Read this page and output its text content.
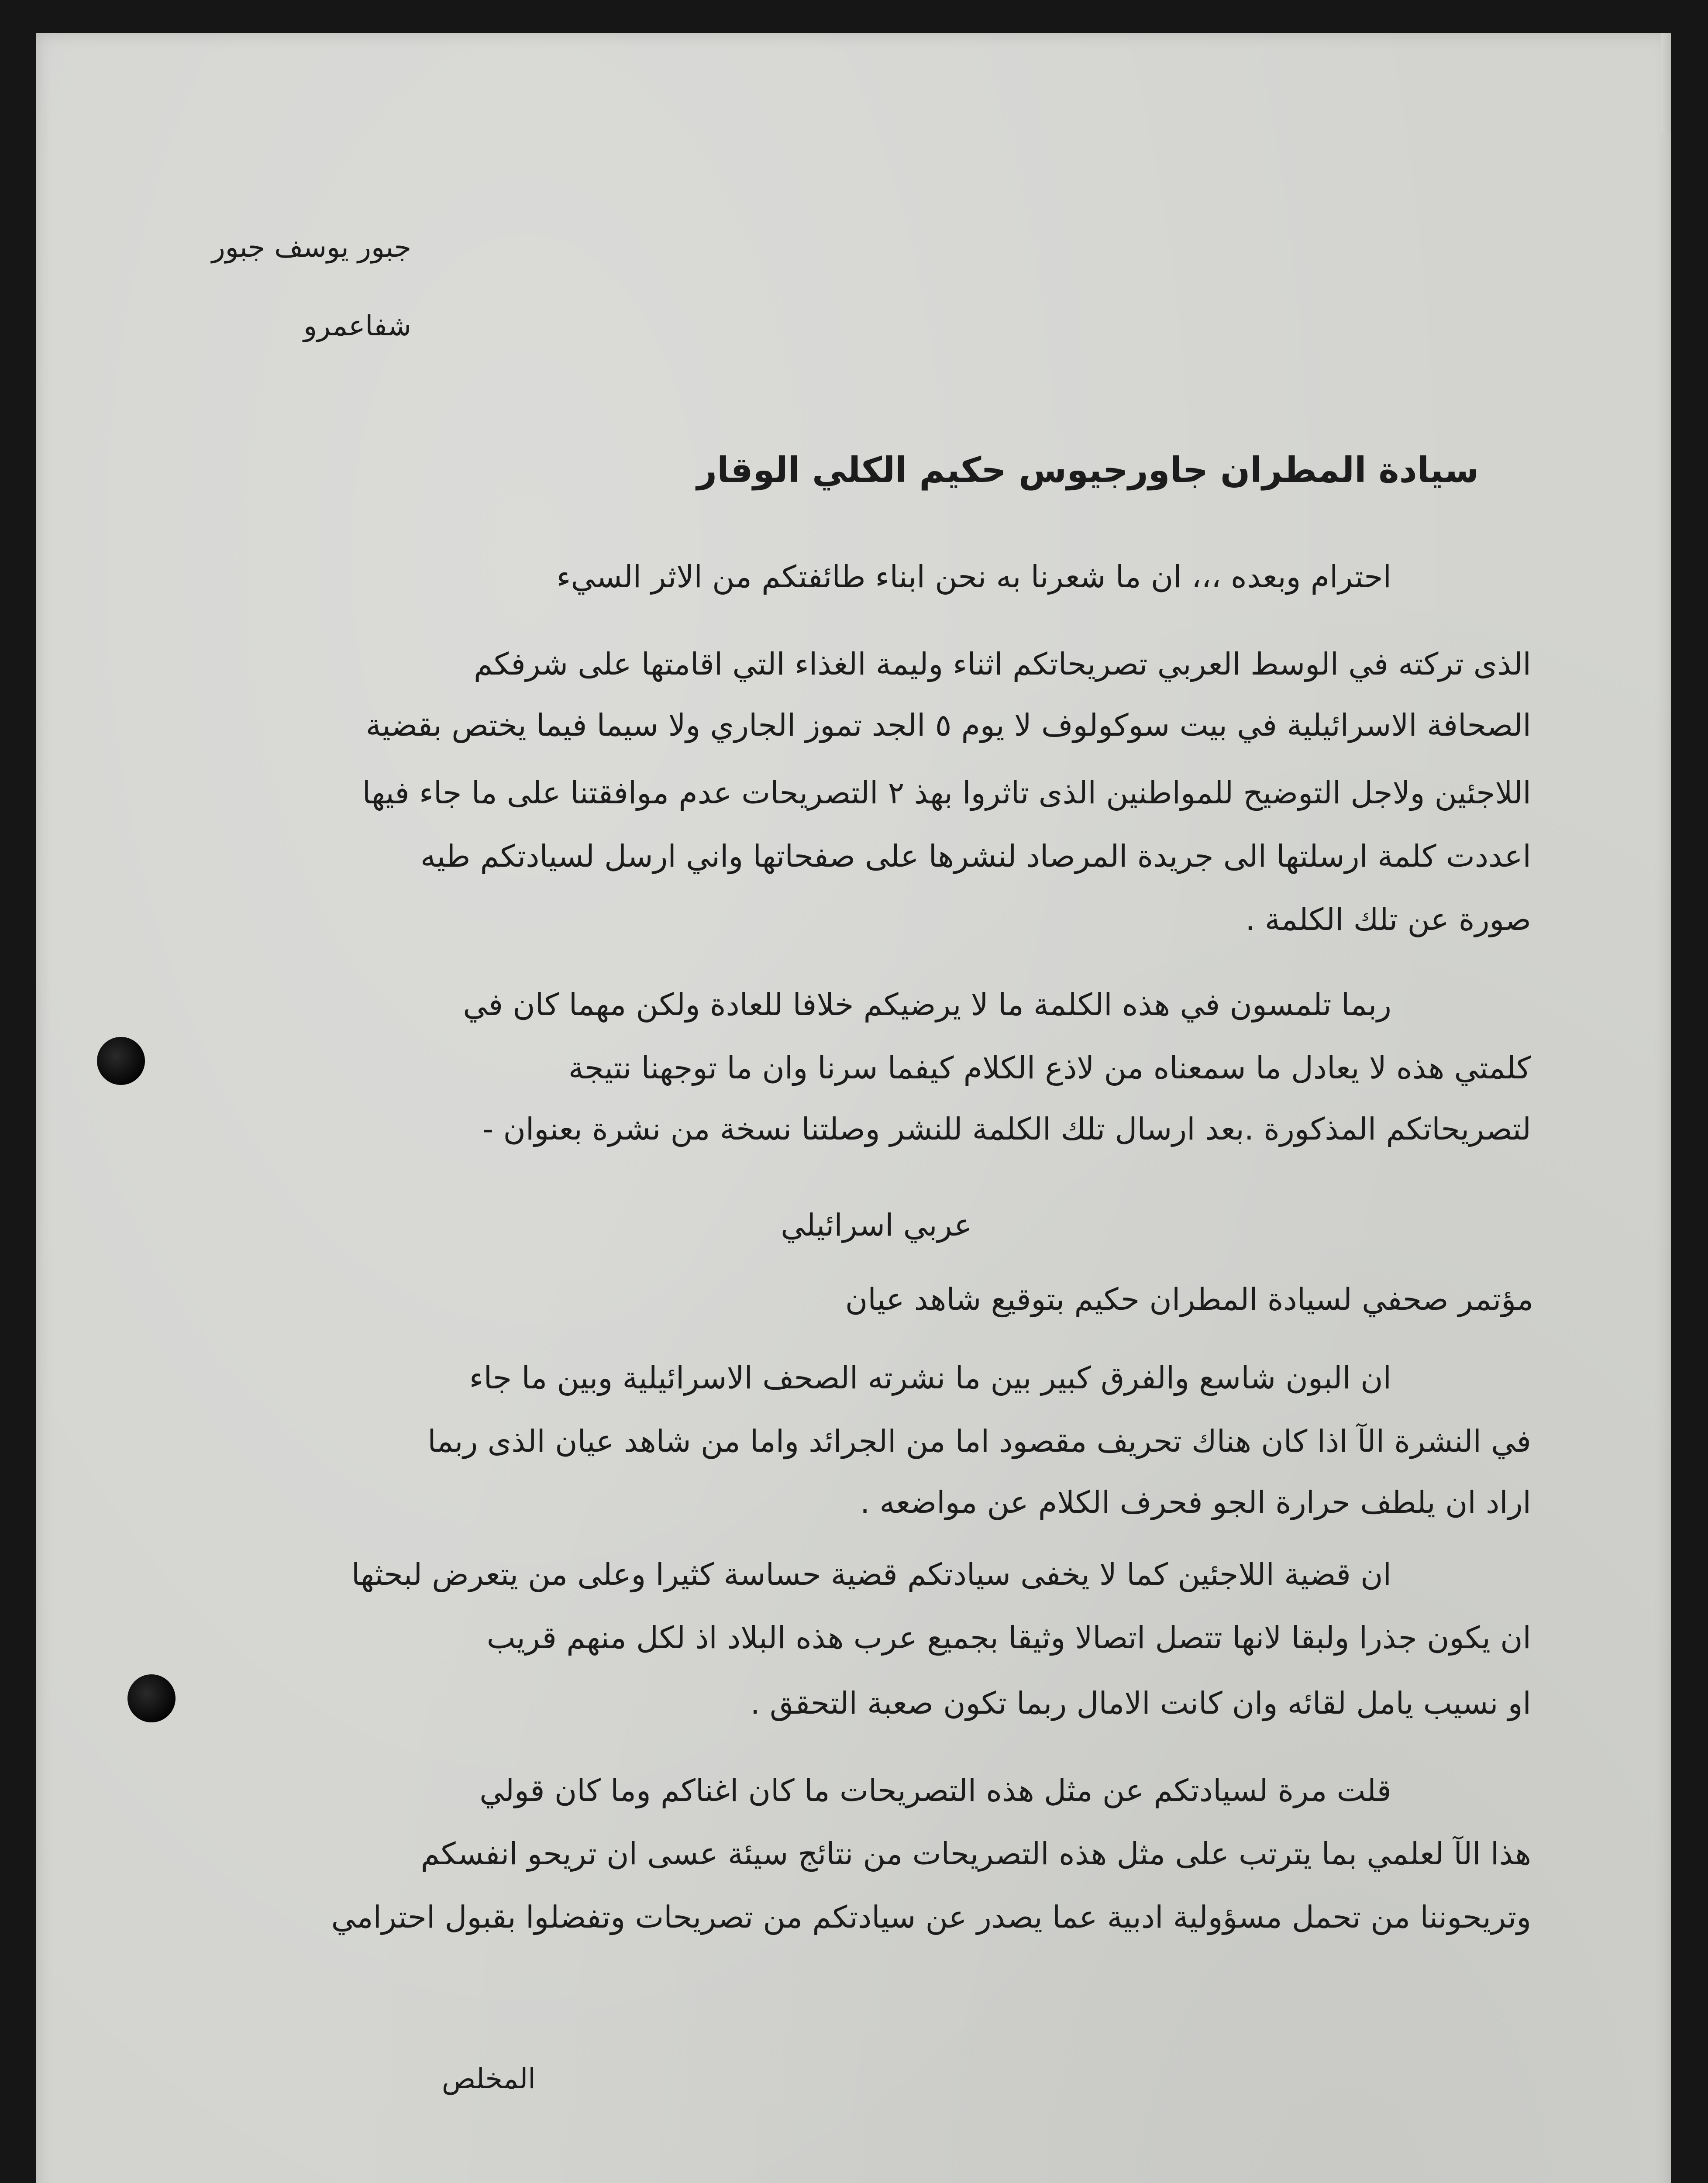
جبور يوسف جبور
شفاعمرو
سيادة المطران جاورجيوس حكيم الكلي الوقار
احترام وبعده ،،، ان ما شعرنا به نحن ابناء طائفتكم من الاثر السيء
الذى تركته في الوسط العربي تصريحاتكم اثناء وليمة الغذاء التي اقامتها على شرفكم
الصحافة الاسرائيلية في بيت سوكولوف لا يوم ٥ الجد تموز الجاري ولا سيما فيما يختص بقضية
اللاجئين ولاجل التوضيح للمواطنين الذى تاثروا بهذ ٢ التصريحات عدم موافقتنا على ما جاء فيها
اعددت كلمة ارسلتها الى جريدة المرصاد لنشرها على صفحاتها واني ارسل لسيادتكم طيه
صورة عن تلك الكلمة .
ربما تلمسون في هذه الكلمة ما لا يرضيكم خلافا للعادة ولكن مهما كان في
كلمتي هذه لا يعادل ما سمعناه من لاذع الكلام كيفما سرنا وان ما توجهنا نتيجة
لتصريحاتكم المذكورة .بعد ارسال تلك الكلمة للنشر وصلتنا نسخة من نشرة بعنوان -
عربي اسرائيلي
مؤتمر صحفي لسيادة المطران حكيم بتوقيع شاهد عيان
ان البون شاسع والفرق كبير بين ما نشرته الصحف الاسرائيلية وبين ما جاء
في النشرة الآ اذا كان هناك تحريف مقصود اما من الجرائد واما من شاهد عيان الذى ربما
اراد ان يلطف حرارة الجو فحرف الكلام عن مواضعه .
ان قضية اللاجئين كما لا يخفى سيادتكم قضية حساسة كثيرا وعلى من يتعرض لبحثها
ان يكون جذرا ولبقا لانها تتصل اتصالا وثيقا بجميع عرب هذه البلاد اذ لكل منهم قريب
او نسيب يامل لقائه وان كانت الامال ربما تكون صعبة التحقق .
قلت مرة لسيادتكم عن مثل هذه التصريحات ما كان اغناكم وما كان قولي
هذا الآ لعلمي بما يترتب على مثل هذه التصريحات من نتائج سيئة عسى ان تريحو انفسكم
وتريحوننا من تحمل مسؤولية ادبية عما يصدر عن سيادتكم من تصريحات وتفضلوا بقبول احترامي
المخلص
